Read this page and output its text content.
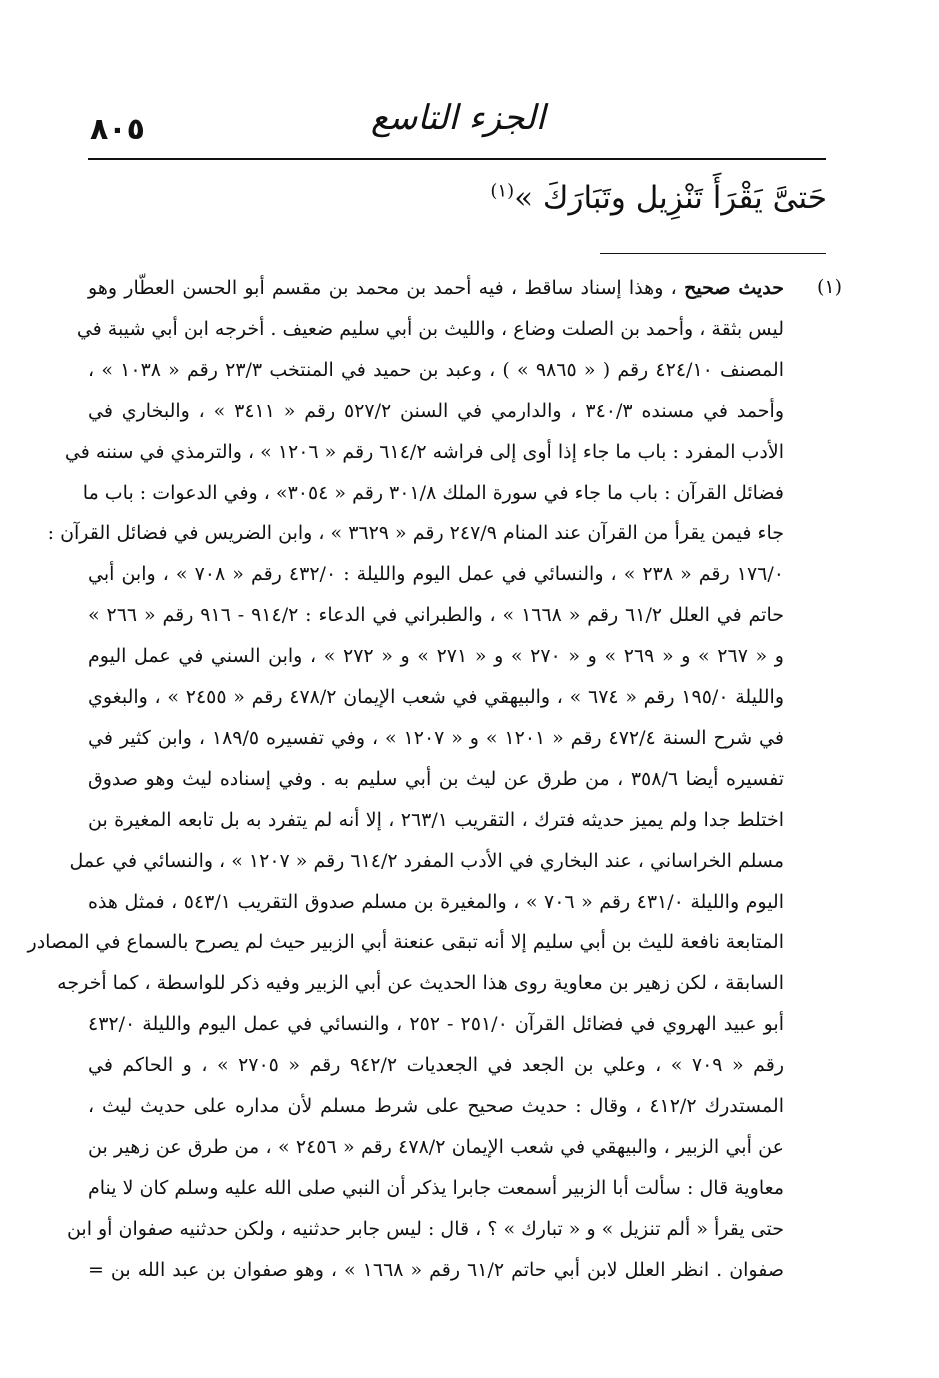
٨٠٥	الجزء التاسع
حَتىَّ يَقْرَأَ تَنْزِيل وتَبَارَكَ »$^{(١)}$
(١)
حديث صحيح ، وهذا إسناد ساقط ، فيه أحمد بن محمد بن مقسم أبو الحسن العطّار وهو
ليس بثقة ، وأحمد بن الصلت وضاع ، والليث بن أبي سليم ضعيف . أخرجه ابن أبي شيبة في
المصنف ٤٢٤/١٠ رقم ( « ٩٨٦٥ » ) ، وعبد بن حميد في المنتخب ٢٣/٣ رقم « ١٠٣٨ » ،
وأحمد في مسنده ٣٤٠/٣ ، والدارمي في السنن ٥٢٧/٢ رقم « ٣٤١١ » ، والبخاري في
الأدب المفرد : باب ما جاء إذا أوى إلى فراشه ٦١٤/٢ رقم « ١٢٠٦ » ، والترمذي في سننه في
فضائل القرآن : باب ما جاء في سورة الملك ٣٠١/٨ رقم « ٣٠٥٤» ، وفي الدعوات : باب ما
جاء فيمن يقرأ من القرآن عند المنام ٢٤٧/٩ رقم « ٣٦٢٩ » ، وابن الضريس في فضائل القرآن :
١٧٦/٠ رقم « ٢٣٨ » ، والنسائي في عمل اليوم والليلة : ٤٣٢/٠ رقم « ٧٠٨ » ، وابن أبي
حاتم في العلل ٦١/٢ رقم « ١٦٦٨ » ، والطبراني في الدعاء : ٩١٤/٢ - ٩١٦ رقم « ٢٦٦ »
و « ٢٦٧ » و « ٢٦٩ » و « ٢٧٠ » و « ٢٧١ » و « ٢٧٢ » ، وابن السني في عمل اليوم
والليلة ١٩٥/٠ رقم « ٦٧٤ » ، والبيهقي في شعب الإيمان ٤٧٨/٢ رقم « ٢٤٥٥ » ، والبغوي
في شرح السنة ٤٧٢/٤ رقم « ١٢٠١ » و « ١٢٠٧ » ، وفي تفسيره ١٨٩/٥ ، وابن كثير في
تفسيره أيضا ٣٥٨/٦ ، من طرق عن ليث بن أبي سليم به . وفي إسناده ليث وهو صدوق
اختلط جدا ولم يميز حديثه فترك ، التقريب ٢٦٣/١ ، إلا أنه لم يتفرد به بل تابعه المغيرة بن
مسلم الخراساني ، عند البخاري في الأدب المفرد ٦١٤/٢ رقم « ١٢٠٧ » ، والنسائي في عمل
اليوم والليلة ٤٣١/٠ رقم « ٧٠٦ » ، والمغيرة بن مسلم صدوق التقريب ٥٤٣/١ ، فمثل هذه
المتابعة نافعة لليث بن أبي سليم إلا أنه تبقى عنعنة أبي الزبير حيث لم يصرح بالسماع في المصادر
السابقة ، لكن زهير بن معاوية روى هذا الحديث عن أبي الزبير وفيه ذكر للواسطة ، كما أخرجه
أبو عبيد الهروي في فضائل القرآن ٢٥١/٠ - ٢٥٢ ، والنسائي في عمل اليوم والليلة ٤٣٢/٠
رقم « ٧٠٩ » ، وعلي بن الجعد في الجعديات ٩٤٢/٢ رقم « ٢٧٠٥ » ، و الحاكم في
المستدرك ٤١٢/٢ ، وقال : حديث صحيح على شرط مسلم لأن مداره على حديث ليث ،
عن أبي الزبير ، والبيهقي في شعب الإيمان ٤٧٨/٢ رقم « ٢٤٥٦ » ، من طرق عن زهير بن
معاوية قال : سألت أبا الزبير أسمعت جابرا يذكر أن النبي صلى الله عليه وسلم كان لا ينام
حتى يقرأ « ألم تنزيل » و « تبارك » ؟ ، قال : ليس جابر حدثنيه ، ولكن حدثنيه صفوان أو ابن
صفوان . انظر العلل لابن أبي حاتم ٦١/٢ رقم « ١٦٦٨ » ، وهو صفوان بن عبد الله بن =
